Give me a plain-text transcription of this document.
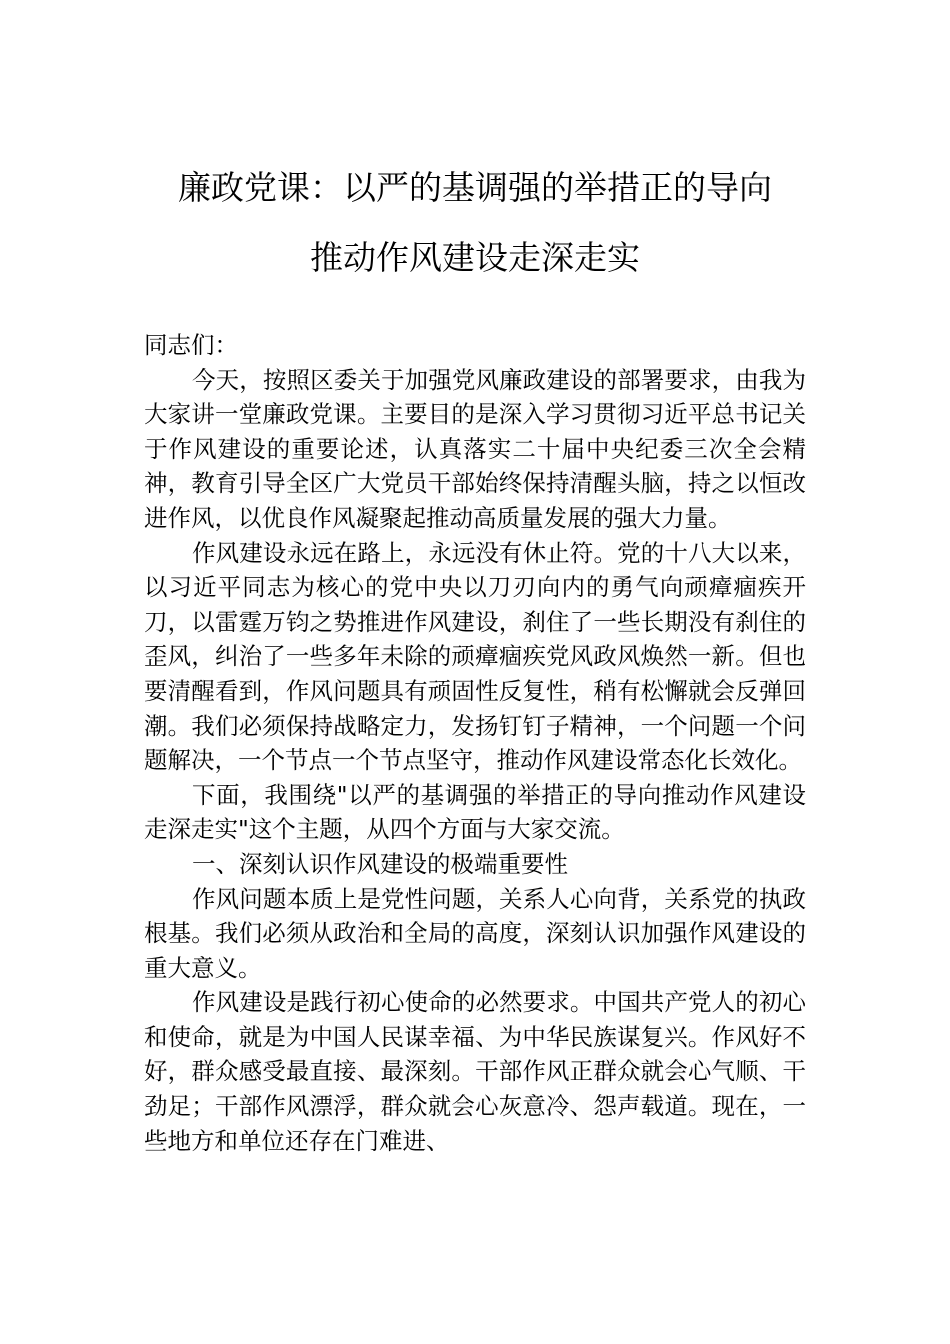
廉政党课：以严的基调强的举措正的导向
推动作风建设走深走实

同志们：

今天，按照区委关于加强党风廉政建设的部署要求，由我为大家讲一堂廉政党课。主要目的是深入学习贯彻习近平总书记关于作风建设的重要论述，认真落实二十届中央纪委三次全会精神，教育引导全区广大党员干部始终保持清醒头脑，持之以恒改进作风，以优良作风凝聚起推动高质量发展的强大力量。

作风建设永远在路上，永远没有休止符。党的十八大以来，以习近平同志为核心的党中央以刀刃向内的勇气向顽瘴痼疾开刀，以雷霆万钧之势推进作风建设，刹住了一些长期没有刹住的歪风，纠治了一些多年未除的顽瘴痼疾党风政风焕然一新。但也要清醒看到，作风问题具有顽固性反复性，稍有松懈就会反弹回潮。我们必须保持战略定力，发扬钉钉子精神，一个问题一个问题解决，一个节点一个节点坚守，推动作风建设常态化长效化。

下面，我围绕"以严的基调强的举措正的导向推动作风建设走深走实"这个主题，从四个方面与大家交流。

一、深刻认识作风建设的极端重要性

作风问题本质上是党性问题，关系人心向背，关系党的执政根基。我们必须从政治和全局的高度，深刻认识加强作风建设的重大意义。

作风建设是践行初心使命的必然要求。中国共产党人的初心和使命，就是为中国人民谋幸福、为中华民族谋复兴。作风好不好，群众感受最直接、最深刻。干部作风正群众就会心气顺、干劲足；干部作风漂浮，群众就会心灰意冷、怨声载道。现在，一些地方和单位还存在门难进、
